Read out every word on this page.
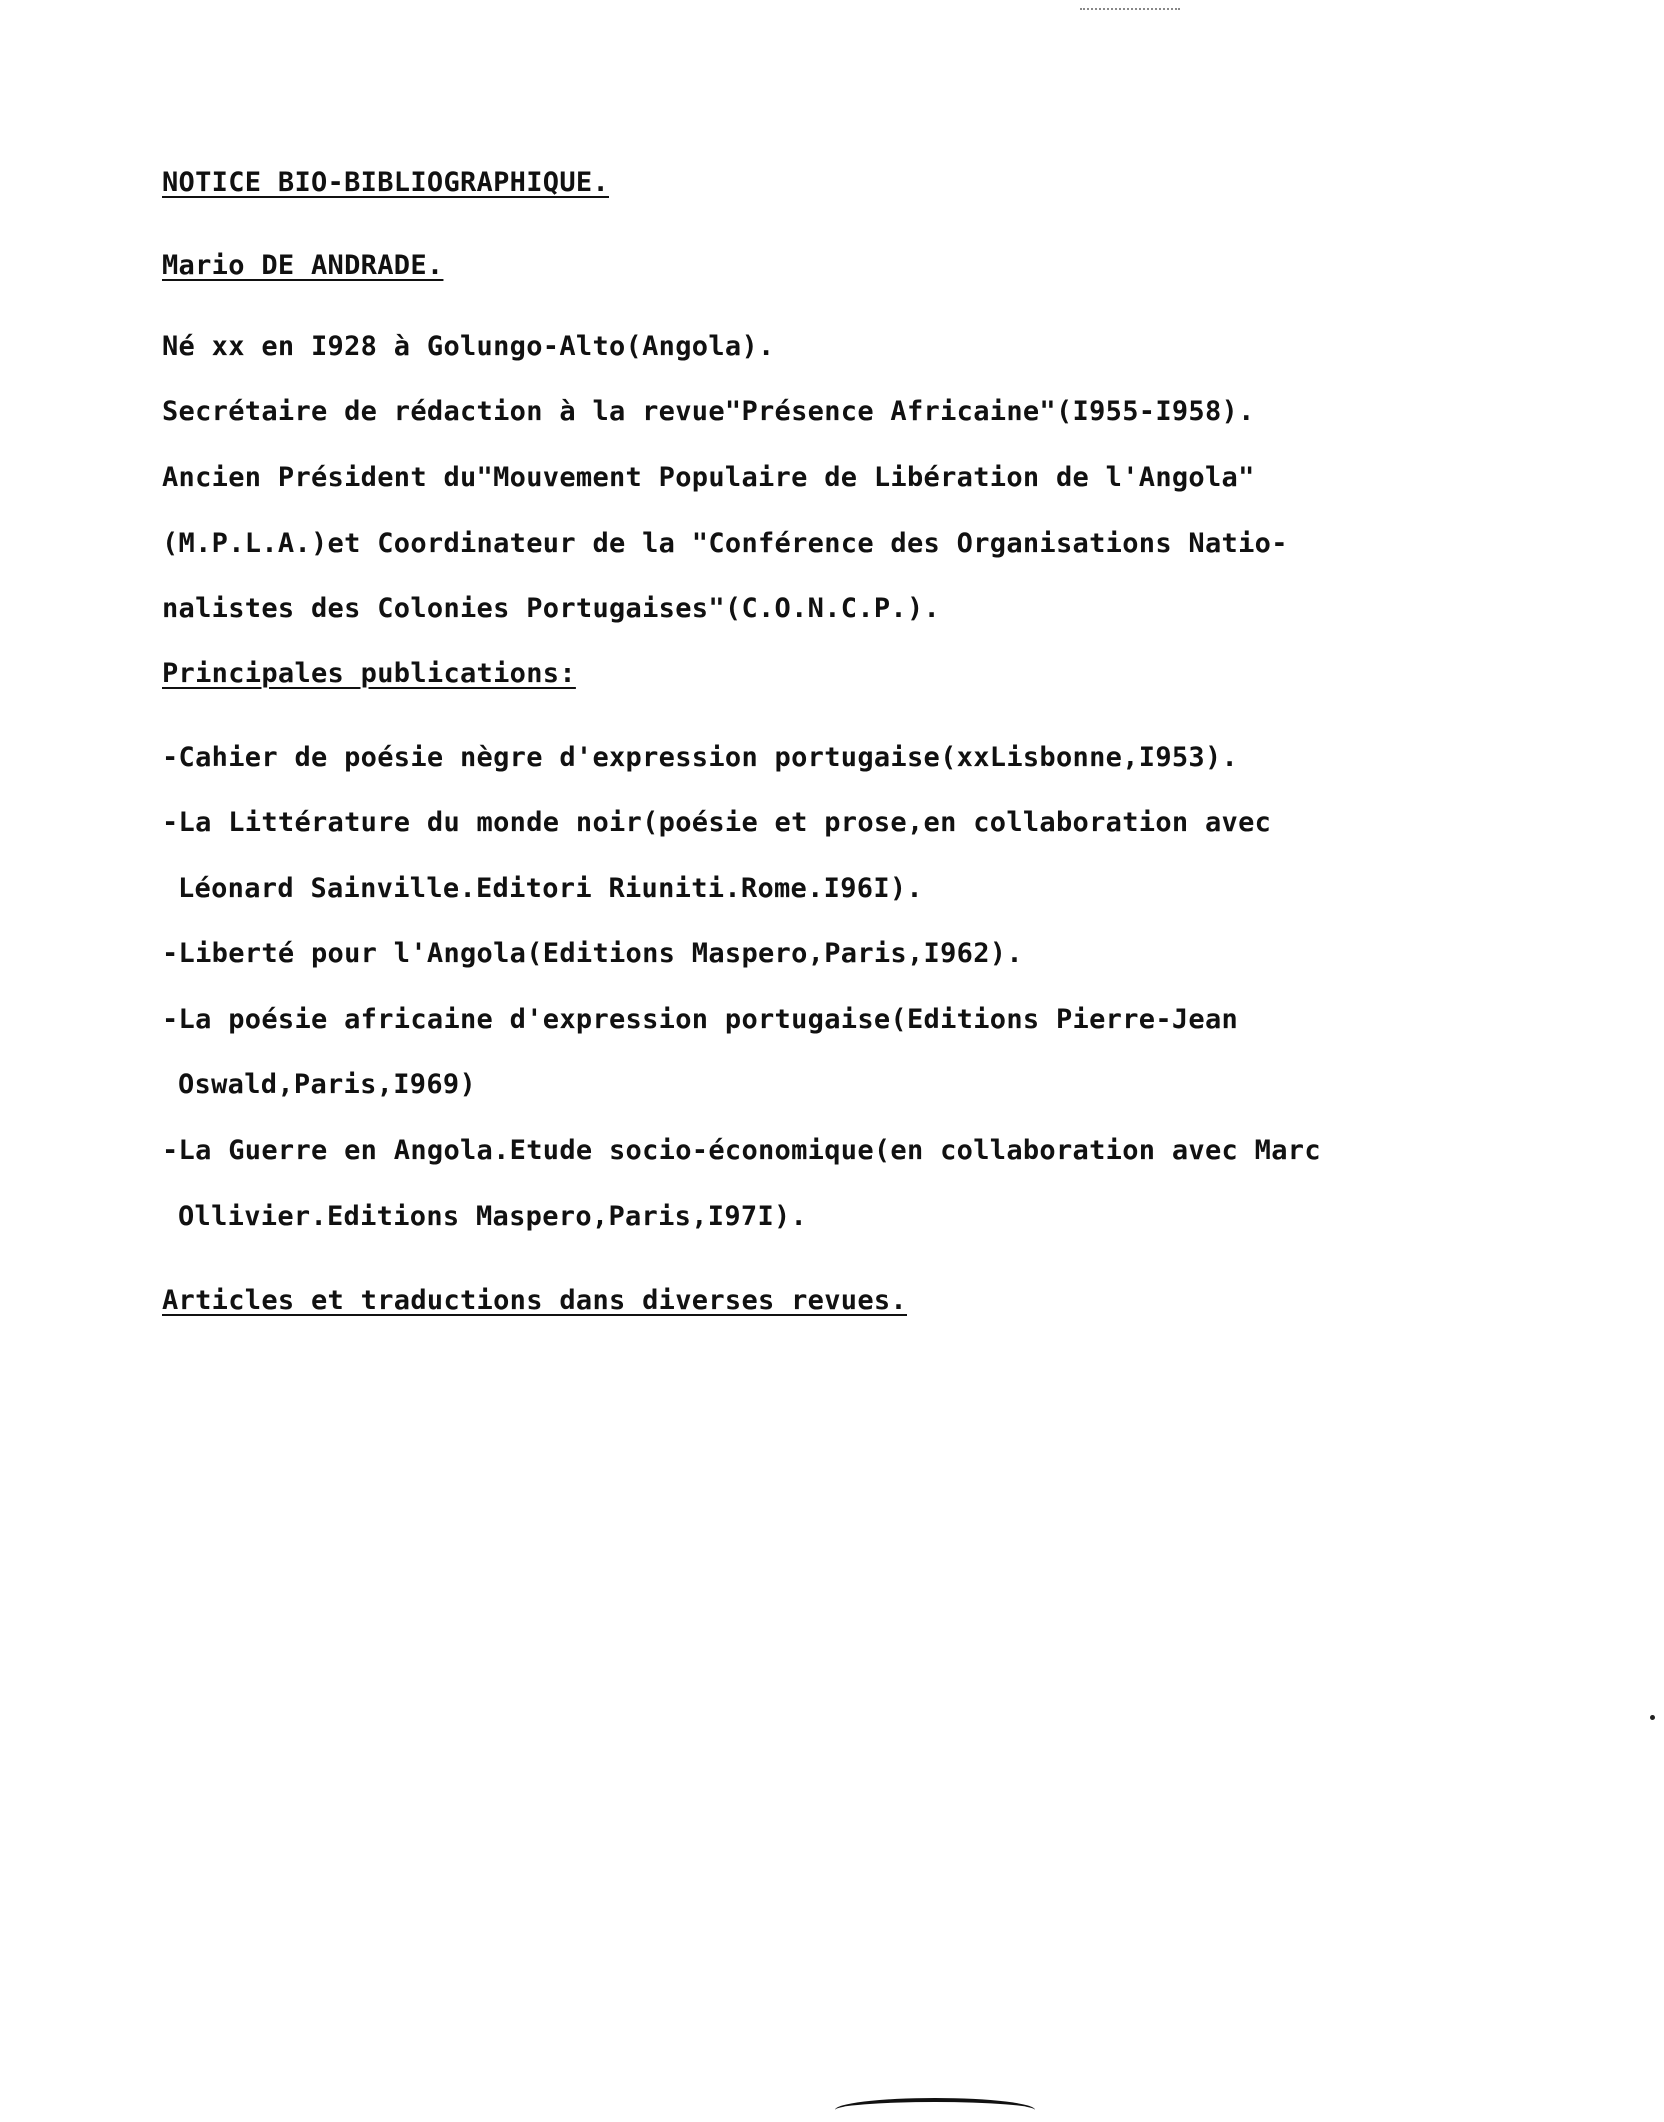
NOTICE BIO-BIBLIOGRAPHIQUE.
Mario DE ANDRADE.
Né xx en I928 à Golungo-Alto(Angola).
Secrétaire de rédaction à la revue"Présence Africaine"(I955-I958).
Ancien Président du"Mouvement Populaire de Libération de l'Angola"
(M.P.L.A.)et Coordinateur de la "Conférence des Organisations Natio-
nalistes des Colonies Portugaises"(C.O.N.C.P.).
Principales publications:
-Cahier de poésie nègre d'expression portugaise(xxLisbonne,I953).
-La Littérature du monde noir(poésie et prose,en collaboration avec
Léonard Sainville.Editori Riuniti.Rome.I96I).
-Liberté pour l'Angola(Editions Maspero,Paris,I962).
-La poésie africaine d'expression portugaise(Editions Pierre-Jean
Oswald,Paris,I969)
-La Guerre en Angola.Etude socio-économique(en collaboration avec Marc
Ollivier.Editions Maspero,Paris,I97I).
Articles et traductions dans diverses revues.
